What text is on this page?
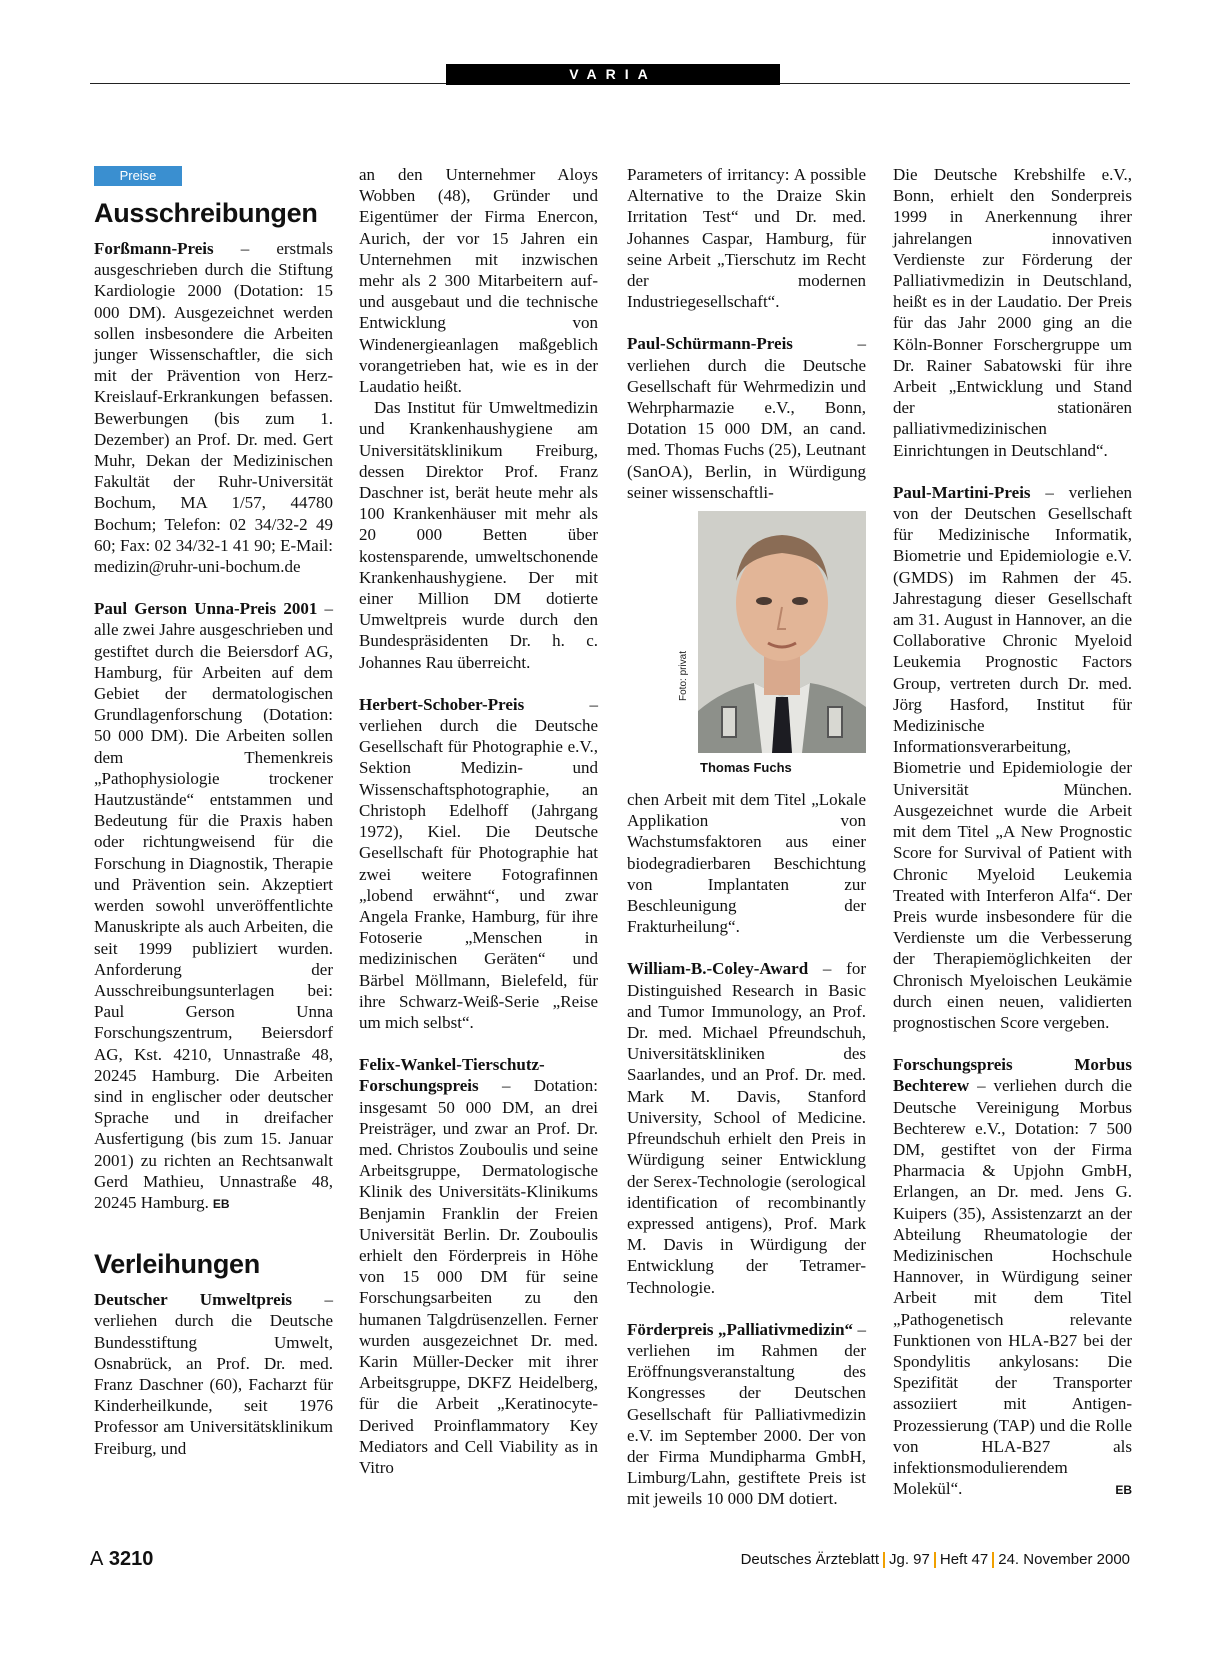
VARIA
Preise
Ausschreibungen

Forßmann-Preis – erstmals ausgeschrieben durch die Stiftung Kardiologie 2000 (Dotation: 15 000 DM). Ausgezeichnet werden sollen insbesondere die Arbeiten junger Wissenschaftler, die sich mit der Prävention von Herz-Kreislauf-Erkrankungen befassen. Bewerbungen (bis zum 1. Dezember) an Prof. Dr. med. Gert Muhr, Dekan der Medizinischen Fakultät der Ruhr-Universität Bochum, MA 1/57, 44780 Bochum; Telefon: 02 34/32-2 49 60; Fax: 02 34/32-1 41 90; E-Mail: medizin@ruhr-uni-bochum.de

Paul Gerson Unna-Preis 2001 – alle zwei Jahre ausgeschrieben und gestiftet durch die Beiersdorf AG, Hamburg, für Arbeiten auf dem Gebiet der dermatologischen Grundlagenforschung (Dotation: 50 000 DM). Die Arbeiten sollen dem Themenkreis „Pathophysiologie trockener Hautzustände“ entstammen und Bedeutung für die Praxis haben oder richtungweisend für die Forschung in Diagnostik, Therapie und Prävention sein. Akzeptiert werden sowohl unveröffentlichte Manuskripte als auch Arbeiten, die seit 1999 publiziert wurden. Anforderung der Ausschreibungsunterlagen bei: Paul Gerson Unna Forschungszentrum, Beiersdorf AG, Kst. 4210, Unnastraße 48, 20245 Hamburg. Die Arbeiten sind in englischer oder deutscher Sprache und in dreifacher Ausfertigung (bis zum 15. Januar 2001) zu richten an Rechtsanwalt Gerd Mathieu, Unnastraße 48, 20245 Hamburg. EB

Verleihungen

Deutscher Umweltpreis – verliehen durch die Deutsche Bundesstiftung Umwelt, Osnabrück, an Prof. Dr. med. Franz Daschner (60), Facharzt für Kinderheilkunde, seit 1976 Professor am Universitätsklinikum Freiburg, und

an den Unternehmer Aloys Wobben (48), Gründer und Eigentümer der Firma Enercon, Aurich, der vor 15 Jahren ein Unternehmen mit inzwischen mehr als 2 300 Mitarbeitern auf- und ausgebaut und die technische Entwicklung von Windenergieanlagen maßgeblich vorangetrieben hat, wie es in der Laudatio heißt.

Das Institut für Umweltmedizin und Krankenhaushygiene am Universitätsklinikum Freiburg, dessen Direktor Prof. Franz Daschner ist, berät heute mehr als 100 Krankenhäuser mit mehr als 20 000 Betten über kostensparende, umweltschonende Krankenhaushygiene. Der mit einer Million DM dotierte Umweltpreis wurde durch den Bundespräsidenten Dr. h. c. Johannes Rau überreicht.

Herbert-Schober-Preis – verliehen durch die Deutsche Gesellschaft für Photographie e.V., Sektion Medizin- und Wissenschaftsphotographie, an Christoph Edelhoff (Jahrgang 1972), Kiel. Die Deutsche Gesellschaft für Photographie hat zwei weitere Fotografinnen „lobend erwähnt“, und zwar Angela Franke, Hamburg, für ihre Fotoserie „Menschen in medizinischen Geräten“ und Bärbel Möllmann, Bielefeld, für ihre Schwarz-Weiß-Serie „Reise um mich selbst“.

Felix-Wankel-Tierschutz-Forschungspreis – Dotation: insgesamt 50 000 DM, an drei Preisträger, und zwar an Prof. Dr. med. Christos Zouboulis und seine Arbeitsgruppe, Dermatologische Klinik des Universitäts-Klinikums Benjamin Franklin der Freien Universität Berlin. Dr. Zouboulis erhielt den Förderpreis in Höhe von 15 000 DM für seine Forschungsarbeiten zu den humanen Talgdrüsenzellen. Ferner wurden ausgezeichnet Dr. med. Karin Müller-Decker mit ihrer Arbeitsgruppe, DKFZ Heidelberg, für die Arbeit „Keratinocyte-Derived Proinflammatory Key Mediators and Cell Viability as in Vitro

Parameters of irritancy: A possible Alternative to the Draize Skin Irritation Test“ und Dr. med. Johannes Caspar, Hamburg, für seine Arbeit „Tierschutz im Recht der modernen Industriegesellschaft“.

Paul-Schürmann-Preis – verliehen durch die Deutsche Gesellschaft für Wehrmedizin und Wehrpharmazie e.V., Bonn, Dotation 15 000 DM, an cand. med. Thomas Fuchs (25), Leutnant (SanOA), Berlin, in Würdigung seiner wissenschaftli-

Foto: privat
Thomas Fuchs

chen Arbeit mit dem Titel „Lokale Applikation von Wachstumsfaktoren aus einer biodegradierbaren Beschichtung von Implantaten zur Beschleunigung der Frakturheilung“.

William-B.-Coley-Award – for Distinguished Research in Basic and Tumor Immunology, an Prof. Dr. med. Michael Pfreundschuh, Universitätskliniken des Saarlandes, und an Prof. Dr. med. Mark M. Davis, Stanford University, School of Medicine. Pfreundschuh erhielt den Preis in Würdigung seiner Entwicklung der Serex-Technologie (serological identification of recombinantly expressed antigens), Prof. Mark M. Davis in Würdigung der Entwicklung der Tetramer-Technologie.

Förderpreis „Palliativmedizin“ – verliehen im Rahmen der Eröffnungsveranstaltung des Kongresses der Deutschen Gesellschaft für Palliativmedizin e.V. im September 2000. Der von der Firma Mundipharma GmbH, Limburg/Lahn, gestiftete Preis ist mit jeweils 10 000 DM dotiert.

Die Deutsche Krebshilfe e.V., Bonn, erhielt den Sonderpreis 1999 in Anerkennung ihrer jahrelangen innovativen Verdienste zur Förderung der Palliativmedizin in Deutschland, heißt es in der Laudatio. Der Preis für das Jahr 2000 ging an die Köln-Bonner Forschergruppe um Dr. Rainer Sabatowski für ihre Arbeit „Entwicklung und Stand der stationären palliativmedizinischen Einrichtungen in Deutschland“.

Paul-Martini-Preis – verliehen von der Deutschen Gesellschaft für Medizinische Informatik, Biometrie und Epidemiologie e.V. (GMDS) im Rahmen der 45. Jahrestagung dieser Gesellschaft am 31. August in Hannover, an die Collaborative Chronic Myeloid Leukemia Prognostic Factors Group, vertreten durch Dr. med. Jörg Hasford, Institut für Medizinische Informationsverarbeitung, Biometrie und Epidemiologie der Universität München. Ausgezeichnet wurde die Arbeit mit dem Titel „A New Prognostic Score for Survival of Patient with Chronic Myeloid Leukemia Treated with Interferon Alfa“. Der Preis wurde insbesondere für die Verdienste um die Verbesserung der Therapiemöglichkeiten der Chronisch Myeloischen Leukämie durch einen neuen, validierten prognostischen Score vergeben.

Forschungspreis Morbus Bechterew – verliehen durch die Deutsche Vereinigung Morbus Bechterew e.V., Dotation: 7 500 DM, gestiftet von der Firma Pharmacia & Upjohn GmbH, Erlangen, an Dr. med. Jens G. Kuipers (35), Assistenzarzt an der Abteilung Rheumatologie der Medizinischen Hochschule Hannover, in Würdigung seiner Arbeit mit dem Titel „Pathogenetisch relevante Funktionen von HLA-B27 bei der Spondylitis ankylosans: Die Spezifität der Transporter assoziiert mit Antigen-Prozessierung (TAP) und die Rolle von HLA-B27 als infektionsmodulierendem Molekül“.	EB

A 3210	Deutsches Ärzteblatt Jg. 97 Heft 47 24. November 2000
